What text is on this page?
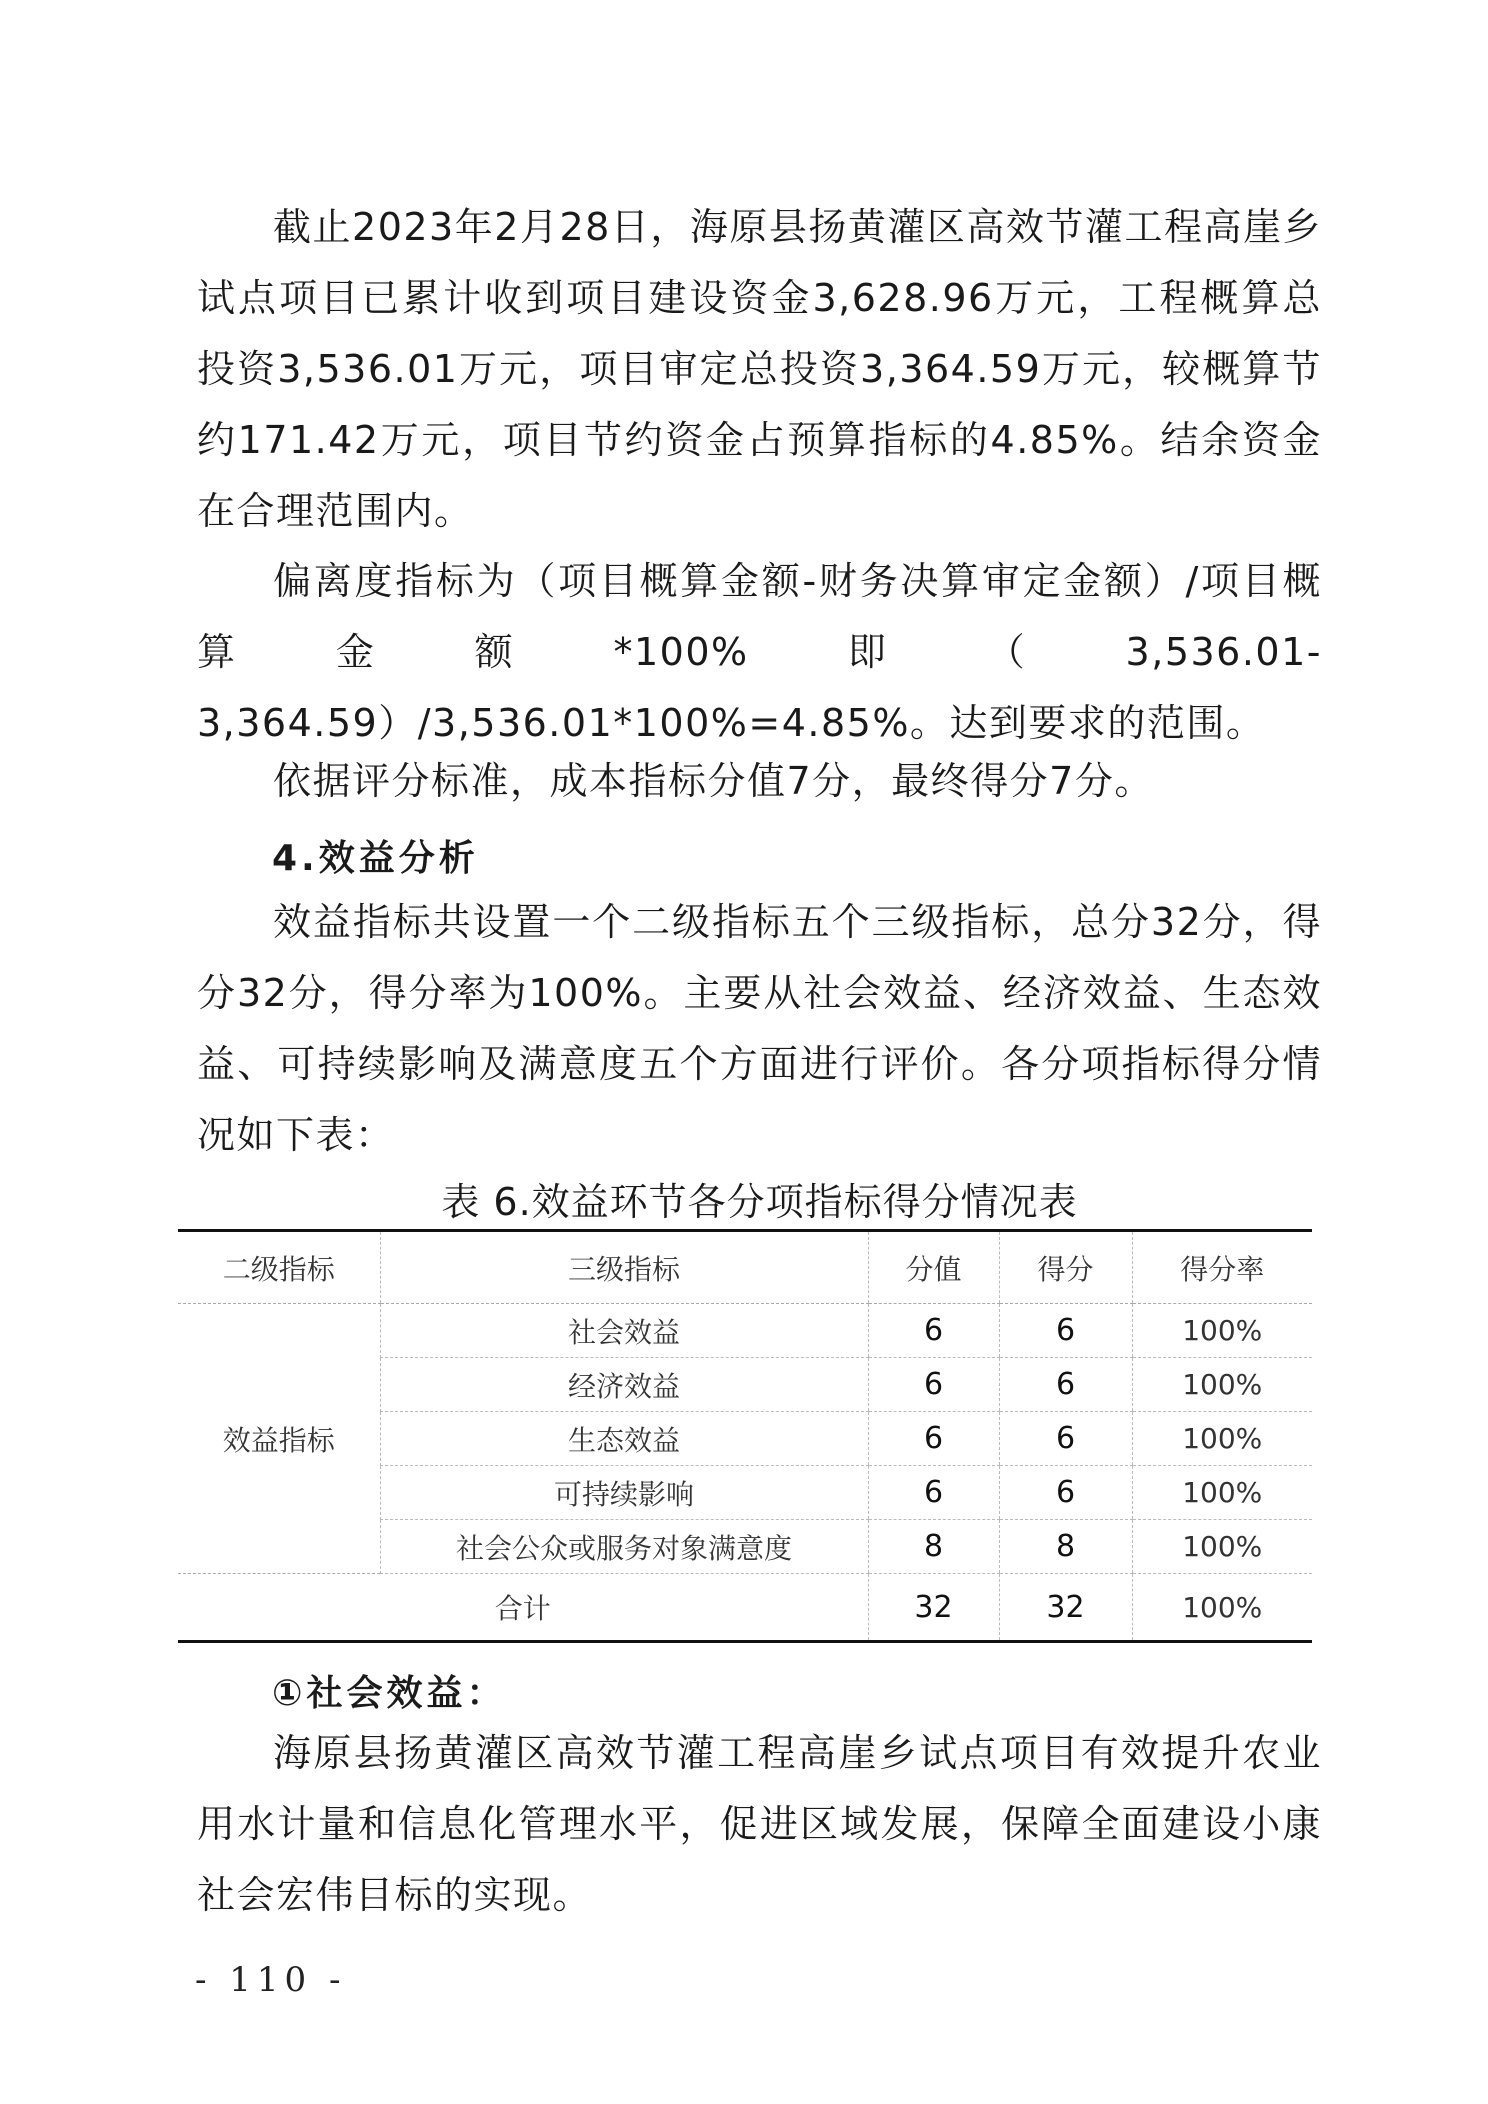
截止2023年2月28日，海原县扬黄灌区高效节灌工程高崖乡试点项目已累计收到项目建设资金3,628.96万元，工程概算总投资3,536.01万元，项目审定总投资3,364.59万元，较概算节约171.42万元，项目节约资金占预算指标的4.85%。结余资金在合理范围内。

偏离度指标为（项目概算金额-财务决算审定金额）/项目概算金额*100%即（3,536.01-3,364.59）/3,536.01*100%=4.85%。达到要求的范围。

依据评分标准，成本指标分值7分，最终得分7分。

4.效益分析

效益指标共设置一个二级指标五个三级指标，总分32分，得分32分，得分率为100%。主要从社会效益、经济效益、生态效益、可持续影响及满意度五个方面进行评价。各分项指标得分情况如下表：

表 6.效益环节各分项指标得分情况表

二级指标	三级指标	分值	得分	得分率
效益指标	社会效益	6	6	100%
	经济效益	6	6	100%
	生态效益	6	6	100%
	可持续影响	6	6	100%
	社会公众或服务对象满意度	8	8	100%
合计		32	32	100%
①社会效益：

海原县扬黄灌区高效节灌工程高崖乡试点项目有效提升农业用水计量和信息化管理水平，促进区域发展，保障全面建设小康社会宏伟目标的实现。

- 110 -
